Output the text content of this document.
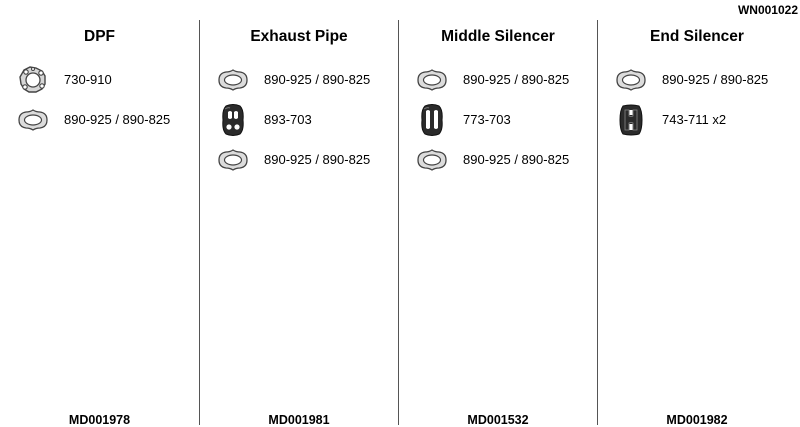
WN001022
DPF
730-910
890-925 / 890-825
MD001978
Exhaust Pipe
890-925 / 890-825
893-703
890-925 / 890-825
MD001981
Middle Silencer
890-925 / 890-825
773-703
890-925 / 890-825
MD001532
End Silencer
890-925 / 890-825
743-711 x2
MD001982
